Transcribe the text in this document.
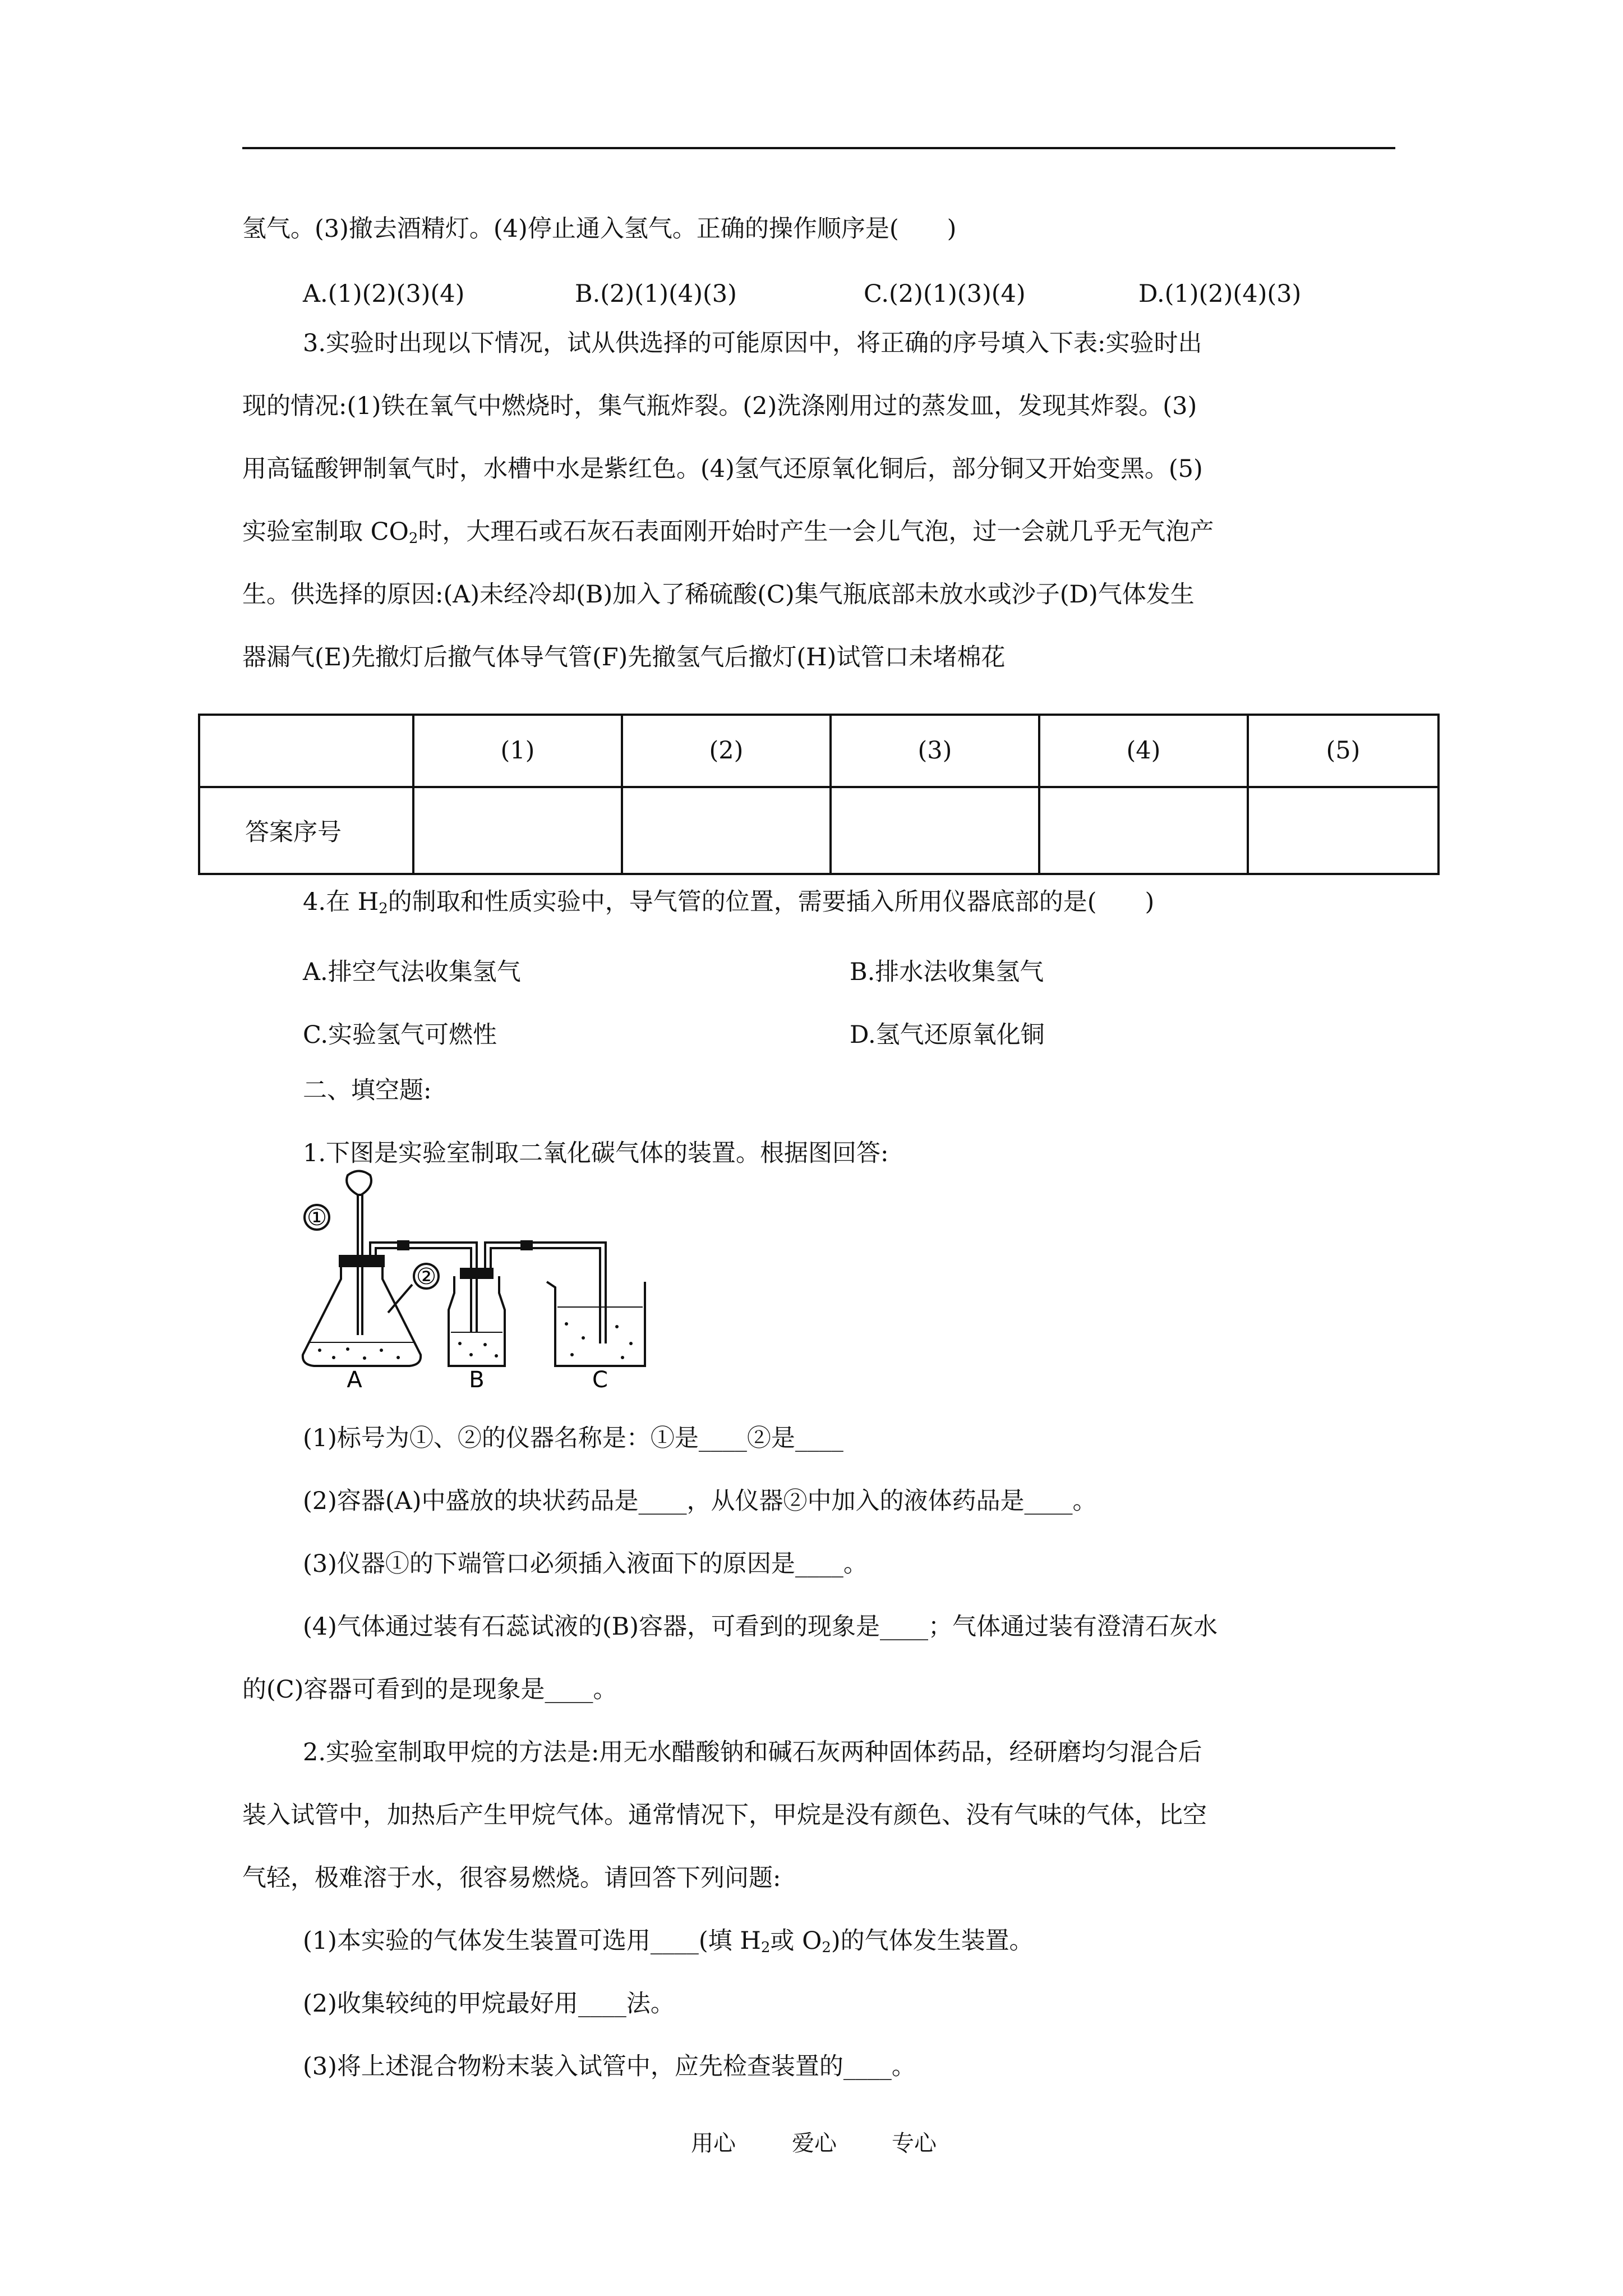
氢气。(3)撤去酒精灯。(4)停止通入氢气。正确的操作顺序是(　　)
A.(1)(2)(3)(4)	B.(2)(1)(4)(3)	C.(2)(1)(3)(4)	D.(1)(2)(4)(3)
3.实验时出现以下情况，试从供选择的可能原因中，将正确的序号填入下表:实验时出
现的情况:(1)铁在氧气中燃烧时，集气瓶炸裂。(2)洗涤刚用过的蒸发皿，发现其炸裂。(3)
用高锰酸钾制氧气时，水槽中水是紫红色。(4)氢气还原氧化铜后，部分铜又开始变黑。(5)
实验室制取 $CO_2$时，大理石或石灰石表面刚开始时产生一会儿气泡，过一会就几乎无气泡产
生。供选择的原因:(A)未经冷却(B)加入了稀硫酸(C)集气瓶底部未放水或沙子(D)气体发生
器漏气(E)先撤灯后撤气体导气管(F)先撤氢气后撤灯(H)试管口未堵棉花
	(1)	(2)	(3)	(4)	(5)
答案序号					
4.在 $H_2$的制取和性质实验中，导气管的位置，需要插入所用仪器底部的是(　　)
A.排空气法收集氢气	B.排水法收集氢气
C.实验氢气可燃性	D.氢气还原氧化铜
二、填空题:
1.下图是实验室制取二氧化碳气体的装置。根据图回答:
①
②
A	B	C
(1)标号为①、②的仪器名称是：①是____②是____
(2)容器(A)中盛放的块状药品是____，从仪器②中加入的液体药品是____。
(3)仪器①的下端管口必须插入液面下的原因是____。
(4)气体通过装有石蕊试液的(B)容器，可看到的现象是____；气体通过装有澄清石灰水
的(C)容器可看到的是现象是____。
2.实验室制取甲烷的方法是:用无水醋酸钠和碱石灰两种固体药品，经研磨均匀混合后
装入试管中，加热后产生甲烷气体。通常情况下，甲烷是没有颜色、没有气味的气体，比空
气轻，极难溶于水，很容易燃烧。请回答下列问题:
(1)本实验的气体发生装置可选用____(填 $H_2$或 $O_2$)的气体发生装置。
(2)收集较纯的甲烷最好用____法。
(3)将上述混合物粉末装入试管中，应先检查装置的____。
用心	爱心 专心
